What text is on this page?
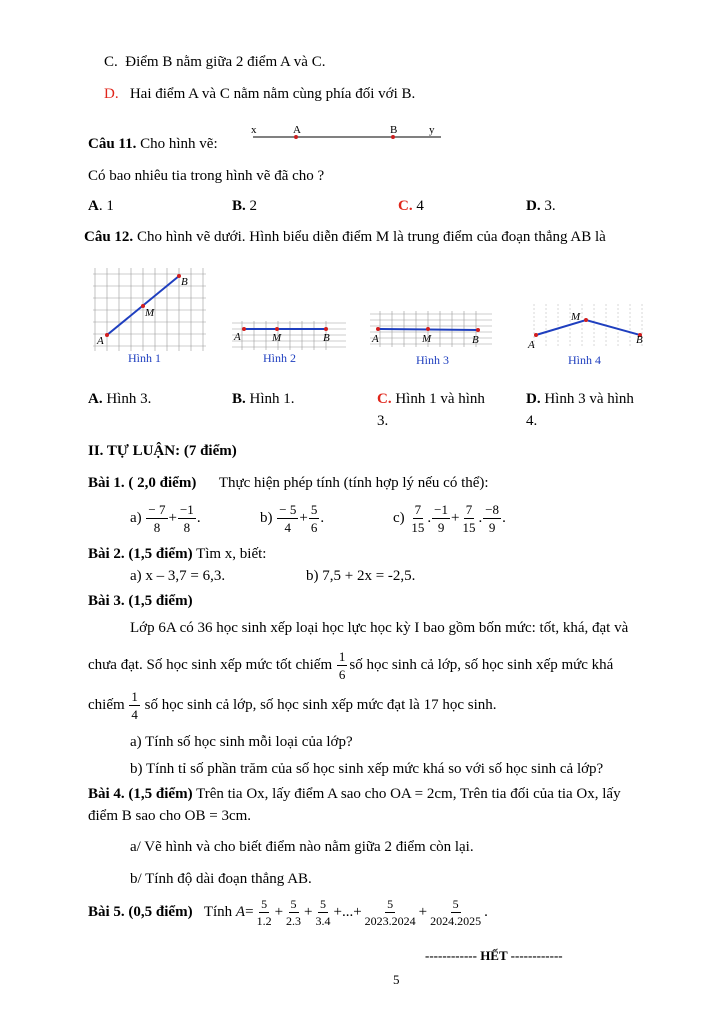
C. Điểm B nằm giữa 2 điểm A và C.
D. Hai điểm A và C nằm nằm cùng phía đối với B.
Câu 11. Cho hình vẽ:
x	A	B	y
Có bao nhiêu tia trong hình vẽ đã cho ?
A. 1	B. 2	C. 4	D. 3.
Câu 12. Cho hình vẽ dưới. Hình biểu diễn điểm M là trung điểm của đoạn thẳng AB là
A
M
B
Hình 1
A	M	B
Hình 2
A	M	B
Hình 3
A
M
B
Hình 4
A. Hình 3.	B. Hình 1.	C. Hình 1 và hình
3.
D. Hình 3 và hình
4.
II. TỰ LUẬN: (7 điểm)
Bài 1. ( 2,0 điểm) Thực hiện phép tính (tính hợp lý nếu có thể):
a)
$\frac{- 7}{8} + \frac{-1}{8}$ .	b)
$\frac{- 5}{4} + \frac{5}{6}$ .	c)
$\frac{7}{15}$ . $\frac{-1}{9} + \frac{7}{15}$ . $\frac{-8}{9}$ .
Bài 2. (1,5 điểm) Tìm x, biết:
a) x – 3,7 = 6,3.	b) 7,5 + 2x = -2,5.
Bài 3. (1,5 điểm)
Lớp 6A có 36 học sinh xếp loại học lực học kỳ I bao gồm bốn mức: tốt, khá, đạt và
chưa đạt. Số học sinh xếp mức tốt chiếm
$\frac{1}{6}$ số học sinh cả lớp, số học sinh xếp mức khá
chiếm
$\frac{1}{4}$
số học sinh cả lớp, số học sinh xếp mức đạt là 17 học sinh.
a) Tính số học sinh mỗi loại của lớp?
b) Tính tỉ số phần trăm của số học sinh xếp mức khá so với số học sinh cả lớp?
Bài 4. (1,5 điểm) Trên tia Ox, lấy điểm A sao cho OA = 2cm, Trên tia đối của tia Ox, lấy
điểm B sao cho OB = 3cm.
a/ Vẽ hình và cho biết điểm nào nằm giữa 2 điểm còn lại.
b/ Tính độ dài đoạn thẳng AB.
Bài 5. (0,5 điểm)
Tính
$A = \frac{5}{1.2} + \frac{5}{2.3} + \frac{5}{3.4}$ +...+ $\frac{5}{2023.2024} + \frac{5}{2024.2025}$ .
------------ HẾT ------------
5
